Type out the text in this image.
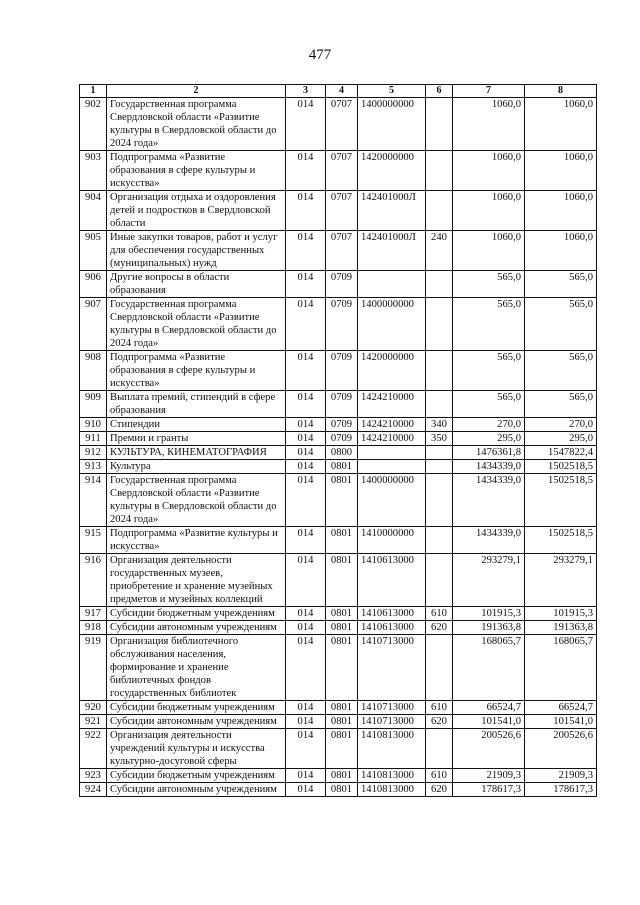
477
1	2	3	4	5	6	7	8
902	Государственная программа Свердловской области «Развитие культуры в Свердловской области до 2024 года»	014	0707	1400000000		1060,0	1060,0
903	Подпрограмма «Развитие образования в сфере культуры и искусства»	014	0707	1420000000		1060,0	1060,0
904	Организация отдыха и оздоровления детей и подростков в Свердловской области	014	0707	142401000Л		1060,0	1060,0
905	Иные закупки товаров, работ и услуг для обеспечения государственных (муниципальных) нужд	014	0707	142401000Л	240	1060,0	1060,0
906	Другие вопросы в области образования	014	0709			565,0	565,0
907	Государственная программа Свердловской области «Развитие культуры в Свердловской области до 2024 года»	014	0709	1400000000		565,0	565,0
908	Подпрограмма «Развитие образования в сфере культуры и искусства»	014	0709	1420000000		565,0	565,0
909	Выплата премий, стипендий в сфере образования	014	0709	1424210000		565,0	565,0
910	Стипендии	014	0709	1424210000	340	270,0	270,0
911	Премии и гранты	014	0709	1424210000	350	295,0	295,0
912	КУЛЬТУРА, КИНЕМАТОГРАФИЯ	014	0800			1476361,8	1547822,4
913	Культура	014	0801			1434339,0	1502518,5
914	Государственная программа Свердловской области «Развитие культуры в Свердловской области до 2024 года»	014	0801	1400000000		1434339,0	1502518,5
915	Подпрограмма «Развитие культуры и искусства»	014	0801	1410000000		1434339,0	1502518,5
916	Организация деятельности государственных музеев, приобретение и хранение музейных предметов и музейных коллекций	014	0801	1410613000		293279,1	293279,1
917	Субсидии бюджетным учреждениям	014	0801	1410613000	610	101915,3	101915,3
918	Субсидии автономным учреждениям	014	0801	1410613000	620	191363,8	191363,8
919	Организация библиотечного обслуживания населения, формирование и хранение библиотечных фондов государственных библиотек	014	0801	1410713000		168065,7	168065,7
920	Субсидии бюджетным учреждениям	014	0801	1410713000	610	66524,7	66524,7
921	Субсидии автономным учреждениям	014	0801	1410713000	620	101541,0	101541,0
922	Организация деятельности учреждений культуры и искусства культурно-досуговой сферы	014	0801	1410813000		200526,6	200526,6
923	Субсидии бюджетным учреждениям	014	0801	1410813000	610	21909,3	21909,3
924	Субсидии автономным учреждениям	014	0801	1410813000	620	178617,3	178617,3
